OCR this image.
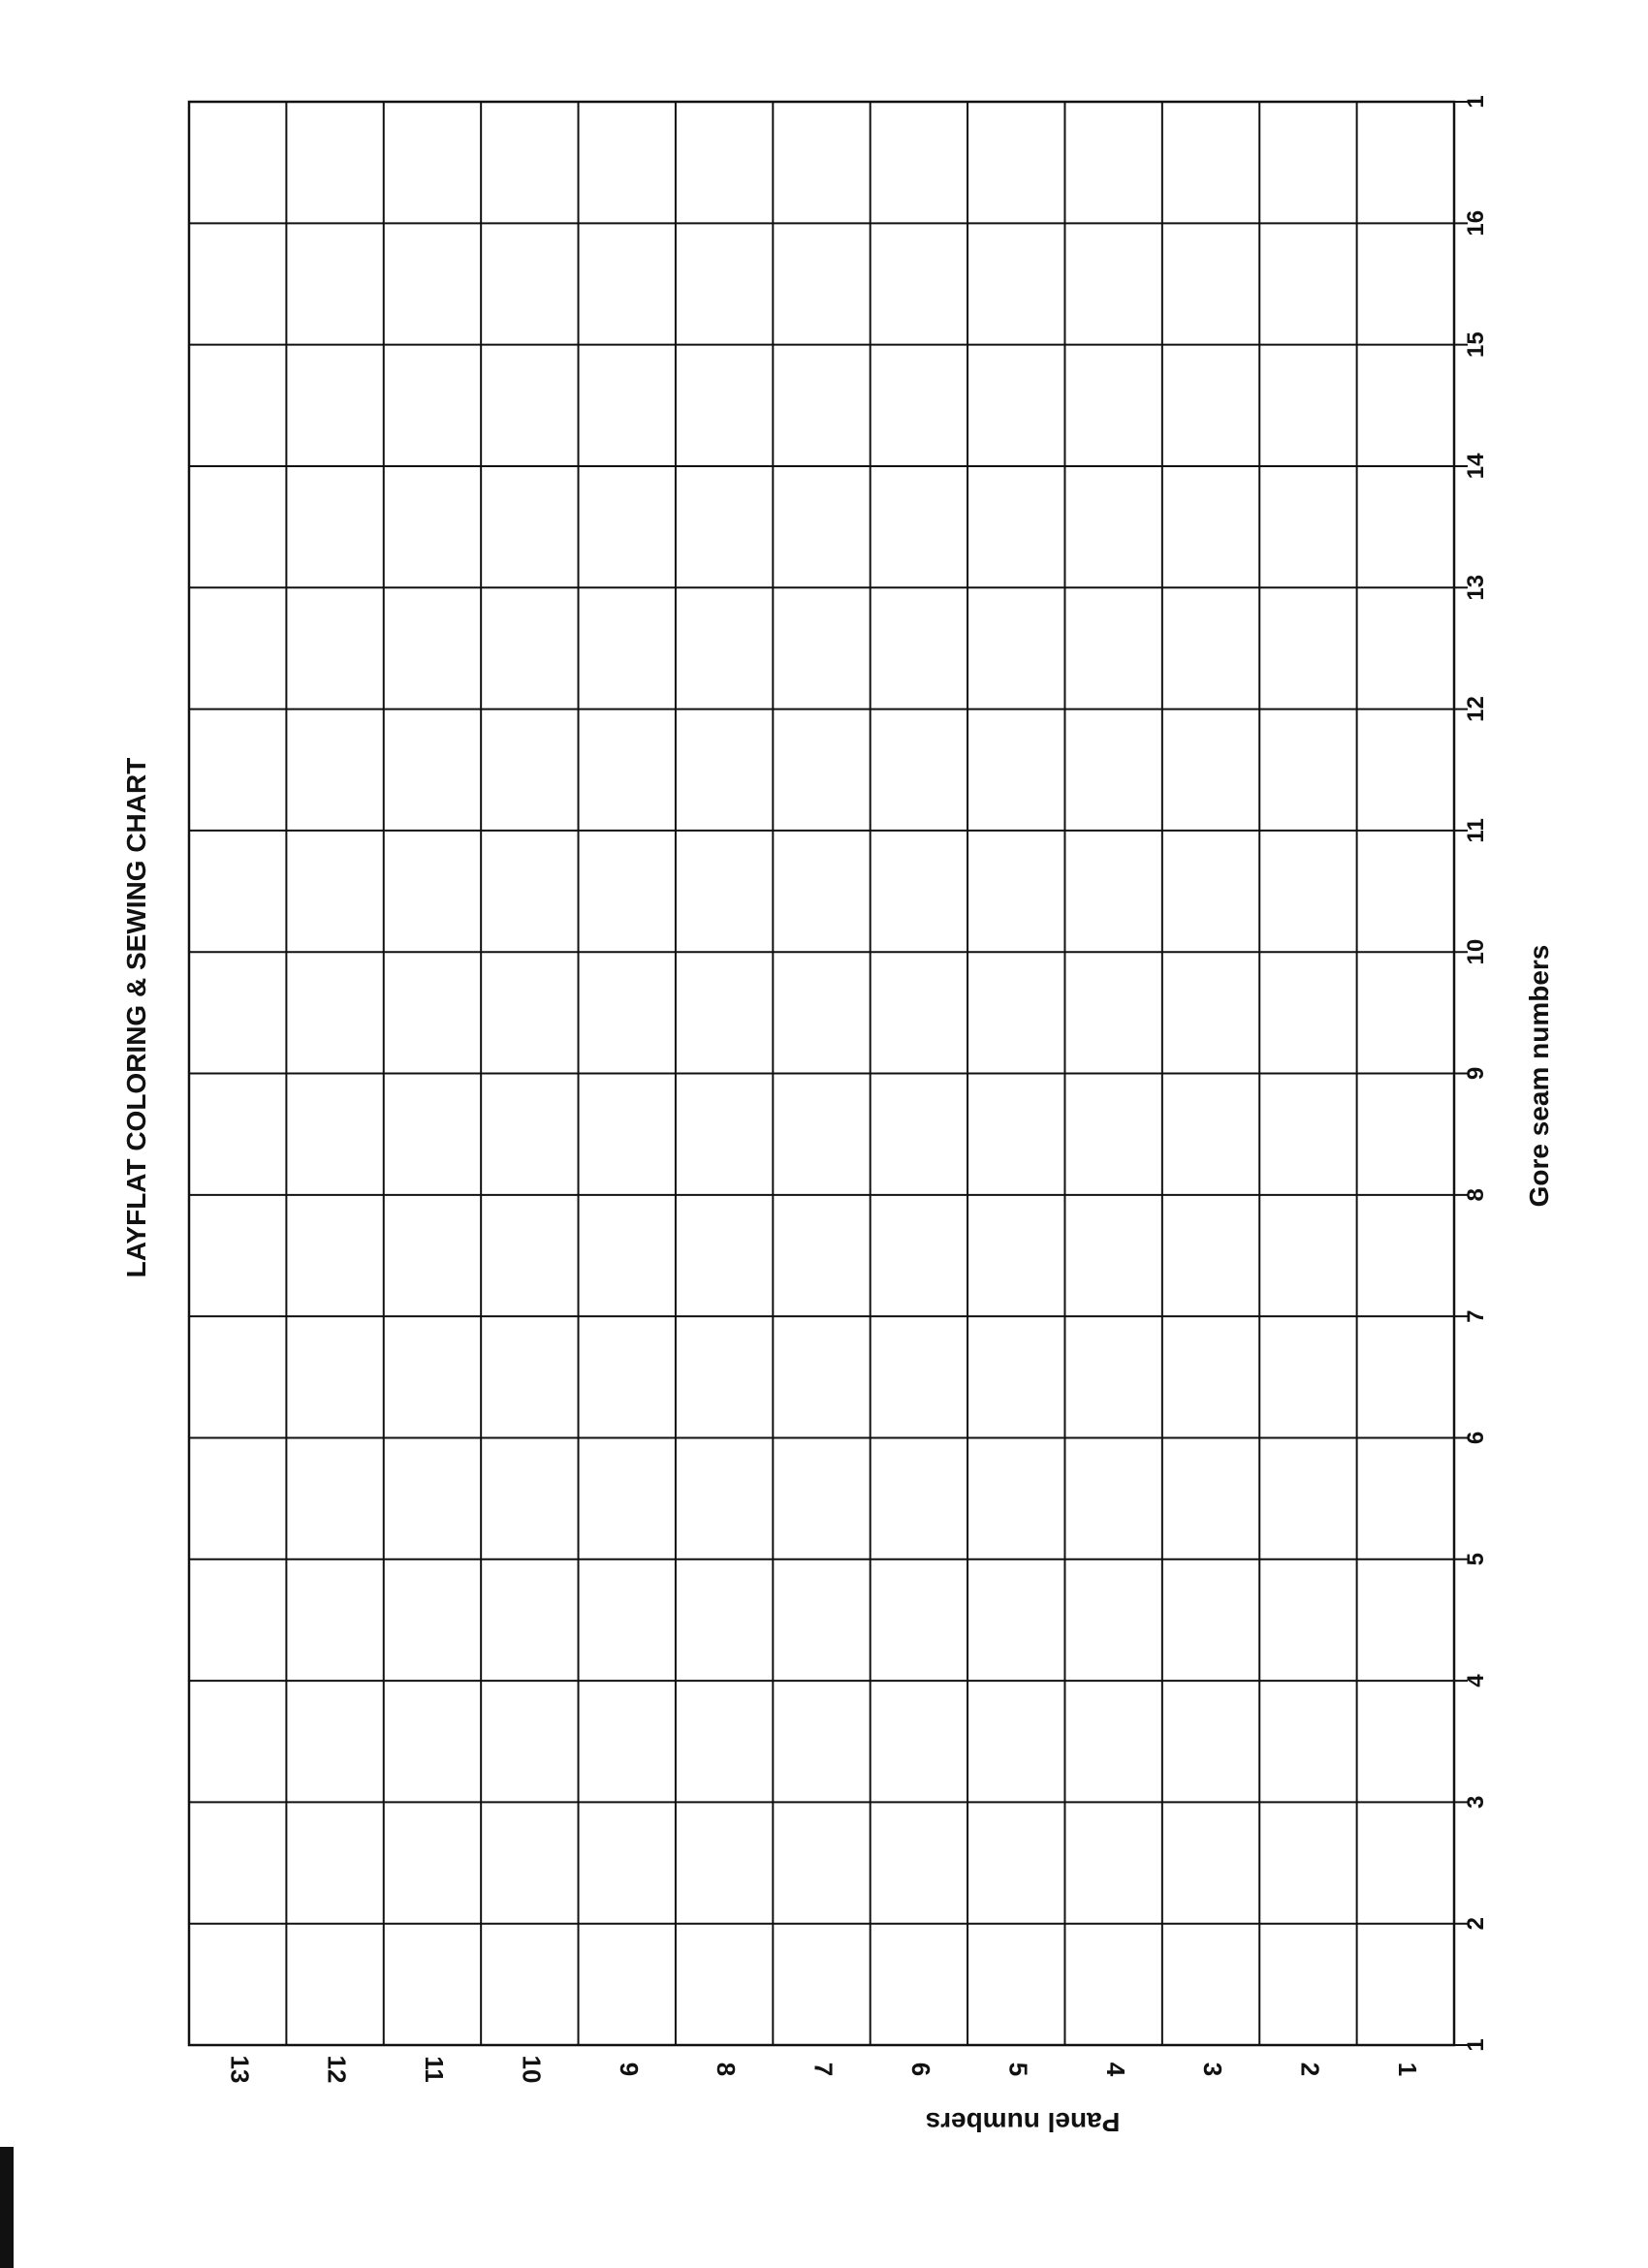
1
2
3
4
5
6
7
8
9
10
11
12
13
14
15
16
1
1
2
3
4
5
6
7
8
9
10
11
12
13
LAYFLAT COLORING & SEWING CHART	Gore seam numbers
Panel numbers
